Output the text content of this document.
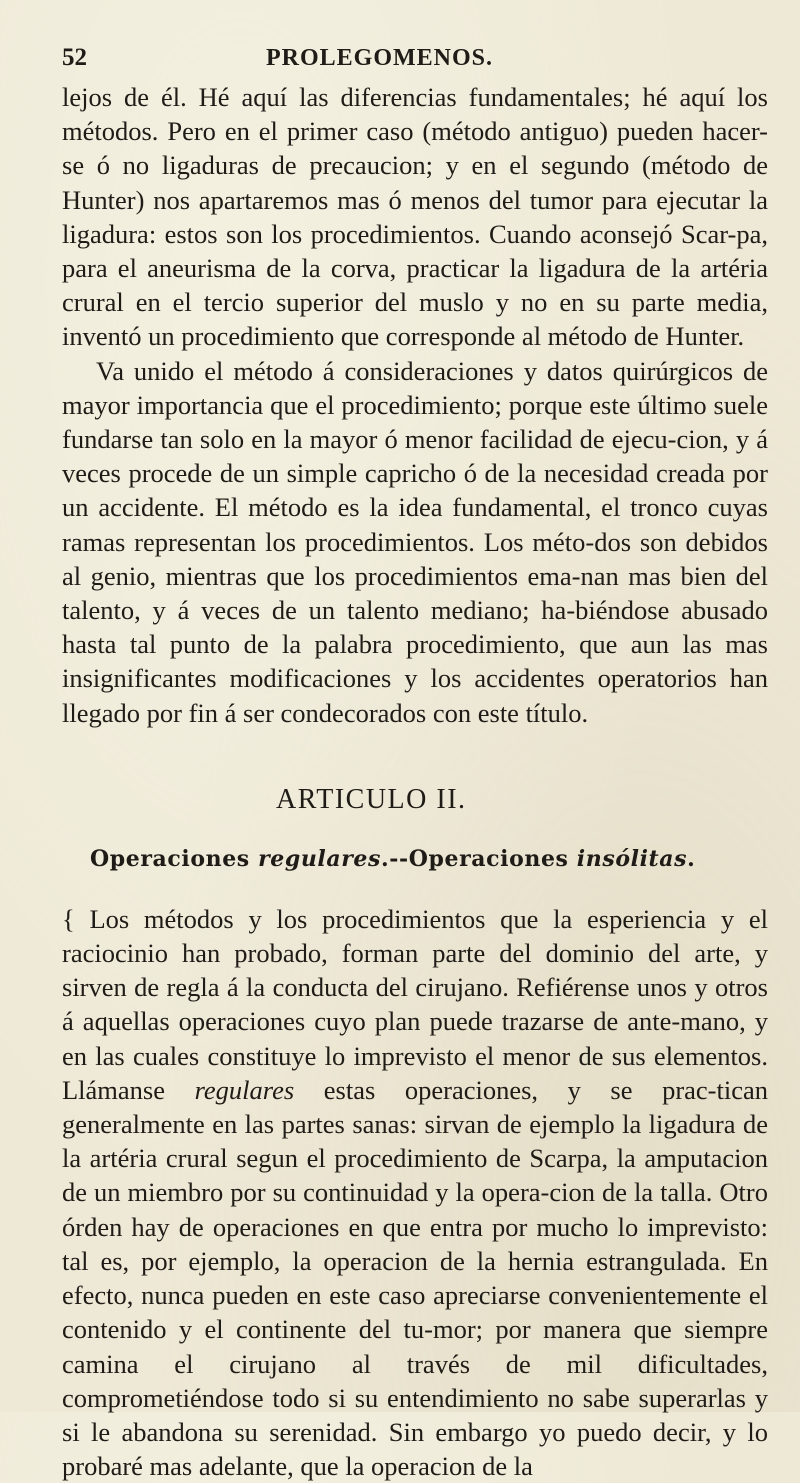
52	PROLEGOMENOS.

lejos de él. Hé aquí las diferencias fundamentales; hé aquí los métodos. Pero en el primer caso (método antiguo) pueden hacer-se ó no ligaduras de precaucion; y en el segundo (método de Hunter) nos apartaremos mas ó menos del tumor para ejecutar la ligadura: estos son los procedimientos. Cuando aconsejó Scar-pa, para el aneurisma de la corva, practicar la ligadura de la artéria crural en el tercio superior del muslo y no en su parte media, inventó un procedimiento que corresponde al método de Hunter.

Va unido el método á consideraciones y datos quirúrgicos de mayor importancia que el procedimiento; porque este último suele fundarse tan solo en la mayor ó menor facilidad de ejecu-cion, y á veces procede de un simple capricho ó de la necesidad creada por un accidente. El método es la idea fundamental, el tronco cuyas ramas representan los procedimientos. Los méto-dos son debidos al genio, mientras que los procedimientos ema-nan mas bien del talento, y á veces de un talento mediano; ha-biéndose abusado hasta tal punto de la palabra procedimiento, que aun las mas insignificantes modificaciones y los accidentes operatorios han llegado por fin á ser condecorados con este título.

ARTICULO II.
Operaciones regulares.--Operaciones insólitas.

{ Los métodos y los procedimientos que la esperiencia y el raciocinio han probado, forman parte del dominio del arte, y sirven de regla á la conducta del cirujano. Refiérense unos y otros á aquellas operaciones cuyo plan puede trazarse de ante-mano, y en las cuales constituye lo imprevisto el menor de sus elementos. Llámanse regulares estas operaciones, y se prac-tican generalmente en las partes sanas: sirvan de ejemplo la ligadura de la artéria crural segun el procedimiento de Scarpa, la amputacion de un miembro por su continuidad y la opera-cion de la talla. Otro órden hay de operaciones en que entra por mucho lo imprevisto: tal es, por ejemplo, la operacion de la hernia estrangulada. En efecto, nunca pueden en este caso apreciarse convenientemente el contenido y el continente del tu-mor; por manera que siempre camina el cirujano al través de mil dificultades, comprometiéndose todo si su entendimiento no sabe superarlas y si le abandona su serenidad. Sin embargo yo puedo decir, y lo probaré mas adelante, que la operacion de la
